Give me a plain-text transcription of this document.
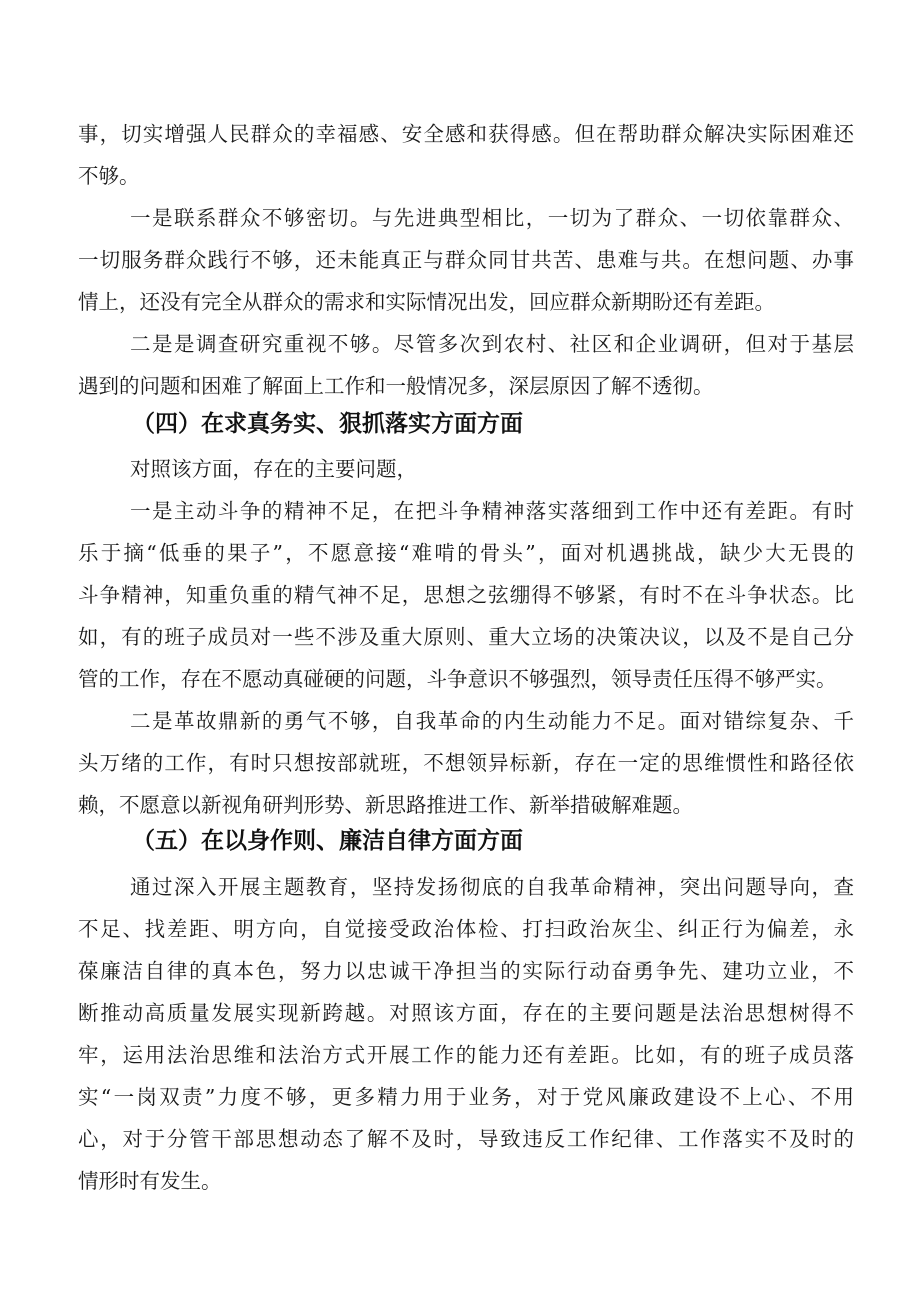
事，切实增强人民群众的幸福感、安全感和获得感。但在帮助群众解决实际困难还
不够。
一是联系群众不够密切。与先进典型相比，一切为了群众、一切依靠群众、
一切服务群众践行不够，还未能真正与群众同甘共苦、患难与共。在想问题、办事
情上，还没有完全从群众的需求和实际情况出发，回应群众新期盼还有差距。
二是是调查研究重视不够。尽管多次到农村、社区和企业调研，但对于基层
遇到的问题和困难了解面上工作和一般情况多，深层原因了解不透彻。
（四）在求真务实、狠抓落实方面方面
对照该方面，存在的主要问题，
一是主动斗争的精神不足，在把斗争精神落实落细到工作中还有差距。有时
乐于摘“低垂的果子”，不愿意接“难啃的骨头”，面对机遇挑战，缺少大无畏的
斗争精神，知重负重的精气神不足，思想之弦绷得不够紧，有时不在斗争状态。比
如，有的班子成员对一些不涉及重大原则、重大立场的决策决议，以及不是自己分
管的工作，存在不愿动真碰硬的问题，斗争意识不够强烈，领导责任压得不够严实。
二是革故鼎新的勇气不够，自我革命的内生动能力不足。面对错综复杂、千
头万绪的工作，有时只想按部就班，不想领异标新，存在一定的思维惯性和路径依
赖，不愿意以新视角研判形势、新思路推进工作、新举措破解难题。
（五）在以身作则、廉洁自律方面方面
通过深入开展主题教育，坚持发扬彻底的自我革命精神，突出问题导向，查
不足、找差距、明方向，自觉接受政治体检、打扫政治灰尘、纠正行为偏差，永
葆廉洁自律的真本色，努力以忠诚干净担当的实际行动奋勇争先、建功立业，不
断推动高质量发展实现新跨越。对照该方面，存在的主要问题是法治思想树得不
牢，运用法治思维和法治方式开展工作的能力还有差距。比如，有的班子成员落
实“一岗双责”力度不够，更多精力用于业务，对于党风廉政建设不上心、不用
心，对于分管干部思想动态了解不及时，导致违反工作纪律、工作落实不及时的
情形时有发生。
